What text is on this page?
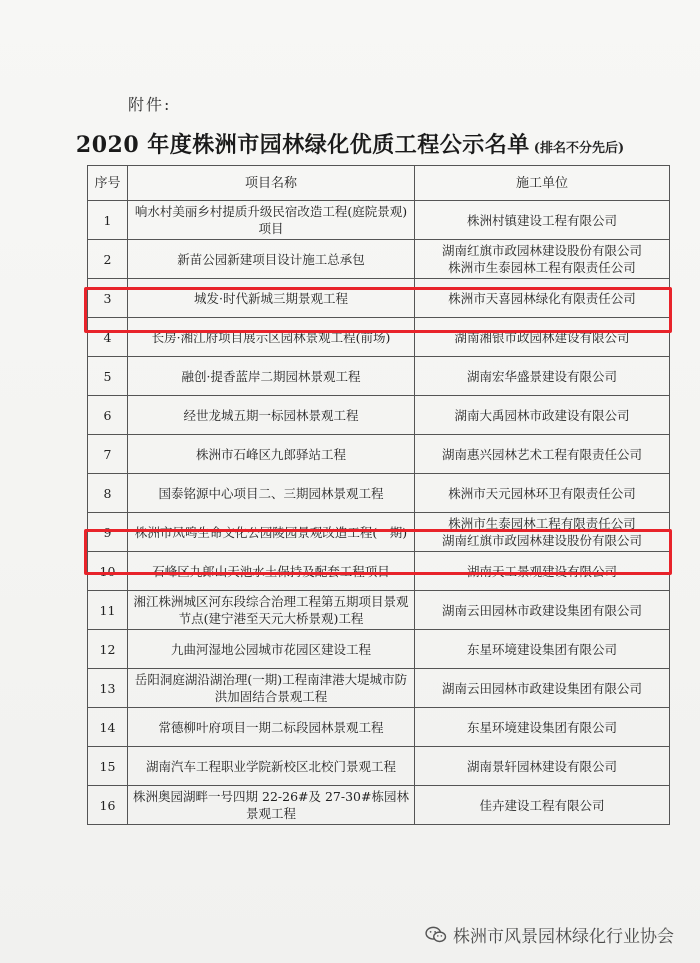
附件:
2020 年度株洲市园林绿化优质工程公示名单 (排名不分先后)
序号	项目名称	施工单位
1	响水村美丽乡村提质升级民宿改造工程(庭院景观)项目	株洲村镇建设工程有限公司

2	新苗公园新建项目设计施工总承包	湖南红旗市政园林建设股份有限公司
株洲市生泰园林工程有限责任公司

3	城发·时代新城三期景观工程	株洲市天喜园林绿化有限责任公司

4	长房·湘江府项目展示区园林景观工程(前场)	湖南湘银市政园林建设有限公司

5	融创·提香蓝岸二期园林景观工程	湖南宏华盛景建设有限公司

6	经世龙城五期一标园林景观工程	湖南大禹园林市政建设有限公司

7	株洲市石峰区九郎驿站工程	湖南惠兴园林艺术工程有限责任公司

8	国泰铭源中心项目二、三期园林景观工程	株洲市天元园林环卫有限责任公司

9	株洲市凤鸣生命文化公园陵园景观改造工程(一期)	株洲市生泰园林工程有限责任公司
湖南红旗市政园林建设股份有限公司

10	石峰区九郎山天池水土保持及配套工程项目	湖南天工景观建设有限公司

11	湘江株洲城区河东段综合治理工程第五期项目景观节点(建宁港至天元大桥景观)工程	湖南云田园林市政建设集团有限公司

12	九曲河湿地公园城市花园区建设工程	东星环境建设集团有限公司

13	岳阳洞庭湖沿湖治理(一期)工程南津港大堤城市防洪加固结合景观工程	湖南云田园林市政建设集团有限公司

14	常德柳叶府项目一期二标段园林景观工程	东星环境建设集团有限公司

15	湖南汽车工程职业学院新校区北校门景观工程	湖南景轩园林建设有限公司

16	株洲奥园湖畔一号四期 22-26#及 27-30#栋园林景观工程	佳卉建设工程有限公司
株洲市风景园林绿化行业协会
